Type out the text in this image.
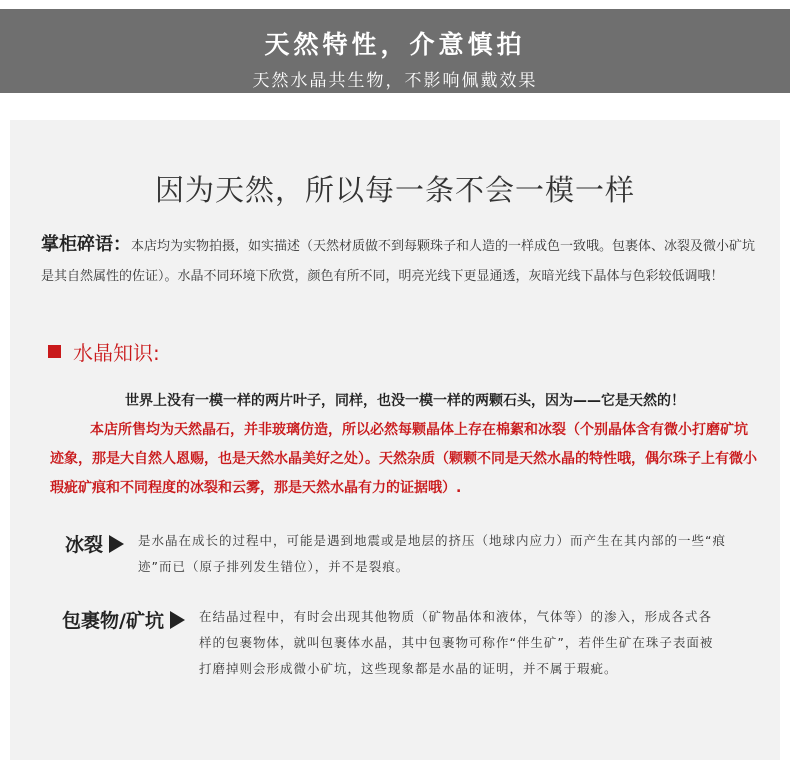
天然特性，介意慎拍
天然水晶共生物，不影响佩戴效果
因为天然，所以每一条不会一模一样
掌柜碎语：本店均为实物拍摄，如实描述（天然材质做不到每颗珠子和人造的一样成色一致哦。包裹体、冰裂及微小矿坑是其自然属性的佐证）。水晶不同环境下欣赏，颜色有所不同，明亮光线下更显通透，灰暗光线下晶体与色彩较低调哦！
水晶知识:
世界上没有一模一样的两片叶子，同样，也没一模一样的两颗石头，因为——它是天然的！
本店所售均为天然晶石，并非玻璃仿造，所以必然每颗晶体上存在棉絮和冰裂（个别晶体含有微小打磨矿坑迹象，那是大自然人恩赐，也是天然水晶美好之处）。天然杂质（颗颗不同是天然水晶的特性哦，偶尔珠子上有微小瑕疵矿痕和不同程度的冰裂和云雾，那是天然水晶有力的证据哦）.
冰裂	是水晶在成长的过程中，可能是遇到地震或是地层的挤压（地球内应力）而产生在其内部的一些“痕迹”而已（原子排列发生错位），并不是裂痕。
包裹物/矿坑	在结晶过程中，有时会出现其他物质（矿物晶体和液体，气体等）的渗入，形成各式各样的包裹物体，就叫包裹体水晶，其中包裹物可称作“伴生矿”，若伴生矿在珠子表面被打磨掉则会形成微小矿坑，这些现象都是水晶的证明，并不属于瑕疵。
